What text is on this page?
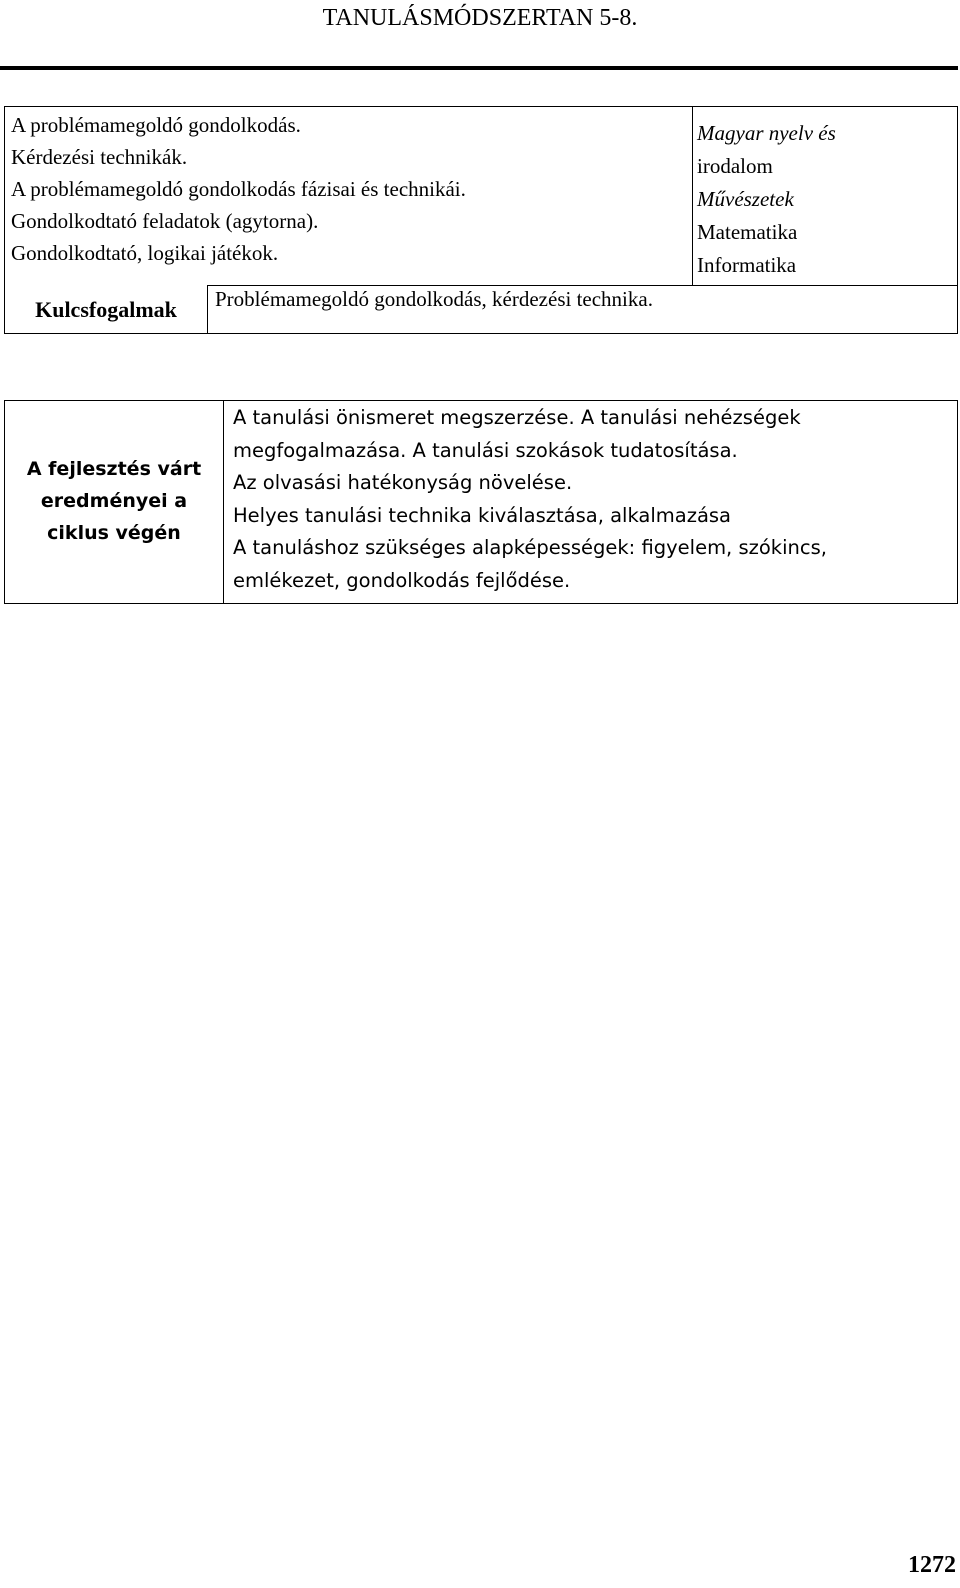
TANULÁSMÓDSZERTAN 5-8.
A problémamegoldó gondolkodás.
Kérdezési technikák.
A problémamegoldó gondolkodás fázisai és technikái.
Gondolkodtató feladatok (agytorna).
Gondolkodtató, logikai játékok.
Magyar nyelv és
irodalom
Művészetek
Matematika
Informatika
Kulcsfogalmak	Problémamegoldó gondolkodás, kérdezési technika.
A fejlesztés várt
eredményei a
ciklus végén
A tanulási önismeret megszerzése. A tanulási nehézségek
megfogalmazása. A tanulási szokások tudatosítása.
Az olvasási hatékonyság növelése.
Helyes tanulási technika kiválasztása, alkalmazása
A tanuláshoz szükséges alapképességek: figyelem, szókincs,
emlékezet, gondolkodás fejlődése.
1272
